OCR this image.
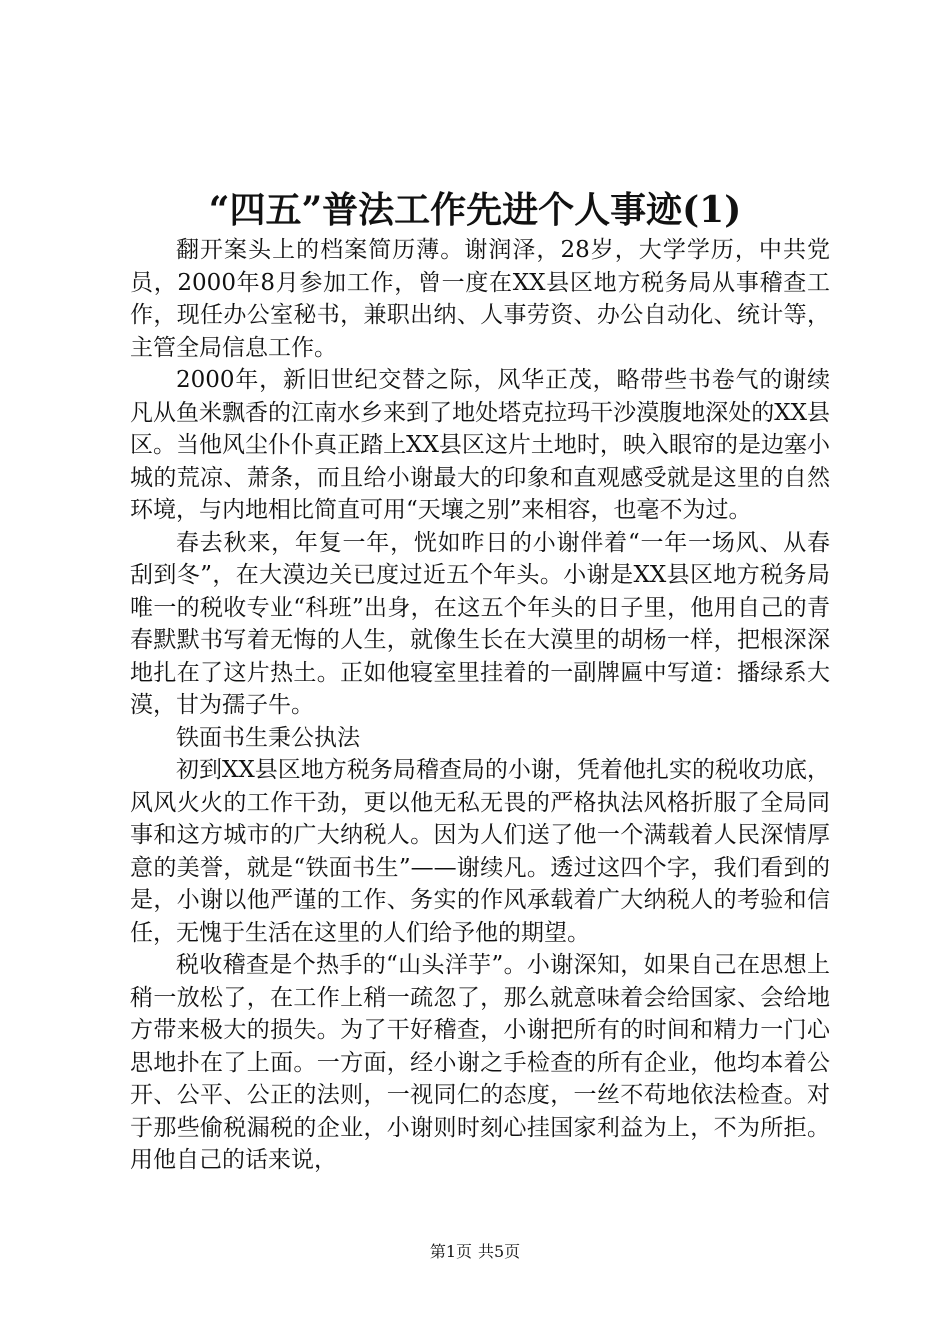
“四五”普法工作先进个人事迹(1)

翻开案头上的档案简历薄。谢润泽，28岁，大学学历，中共党员，2000年8月参加工作，曾一度在XX县区地方税务局从事稽查工作，现任办公室秘书，兼职出纳、人事劳资、办公自动化、统计等，主管全局信息工作。

2000年，新旧世纪交替之际，风华正茂，略带些书卷气的谢续凡从鱼米飘香的江南水乡来到了地处塔克拉玛干沙漠腹地深处的XX县区。当他风尘仆仆真正踏上XX县区这片土地时，映入眼帘的是边塞小城的荒凉、萧条，而且给小谢最大的印象和直观感受就是这里的自然环境，与内地相比简直可用“天壤之别”来相容，也毫不为过。

春去秋来，年复一年，恍如昨日的小谢伴着“一年一场风、从春刮到冬”，在大漠边关已度过近五个年头。小谢是XX县区地方税务局唯一的税收专业“科班”出身，在这五个年头的日子里，他用自己的青春默默书写着无悔的人生，就像生长在大漠里的胡杨一样，把根深深地扎在了这片热土。正如他寝室里挂着的一副牌匾中写道：播绿系大漠，甘为孺子牛。

铁面书生秉公执法

初到XX县区地方税务局稽查局的小谢，凭着他扎实的税收功底，风风火火的工作干劲，更以他无私无畏的严格执法风格折服了全局同事和这方城市的广大纳税人。因为人们送了他一个满载着人民深情厚意的美誉，就是“铁面书生”——谢续凡。透过这四个字，我们看到的是，小谢以他严谨的工作、务实的作风承载着广大纳税人的考验和信任，无愧于生活在这里的人们给予他的期望。

税收稽查是个热手的“山头洋芋”。小谢深知，如果自己在思想上稍一放松了，在工作上稍一疏忽了，那么就意味着会给国家、会给地方带来极大的损失。为了干好稽查，小谢把所有的时间和精力一门心思地扑在了上面。一方面，经小谢之手检查的所有企业，他均本着公开、公平、公正的法则，一视同仁的态度，一丝不苟地依法检查。对于那些偷税漏税的企业，小谢则时刻心挂国家利益为上，不为所拒。用他自己的话来说，

第1页 共5页
